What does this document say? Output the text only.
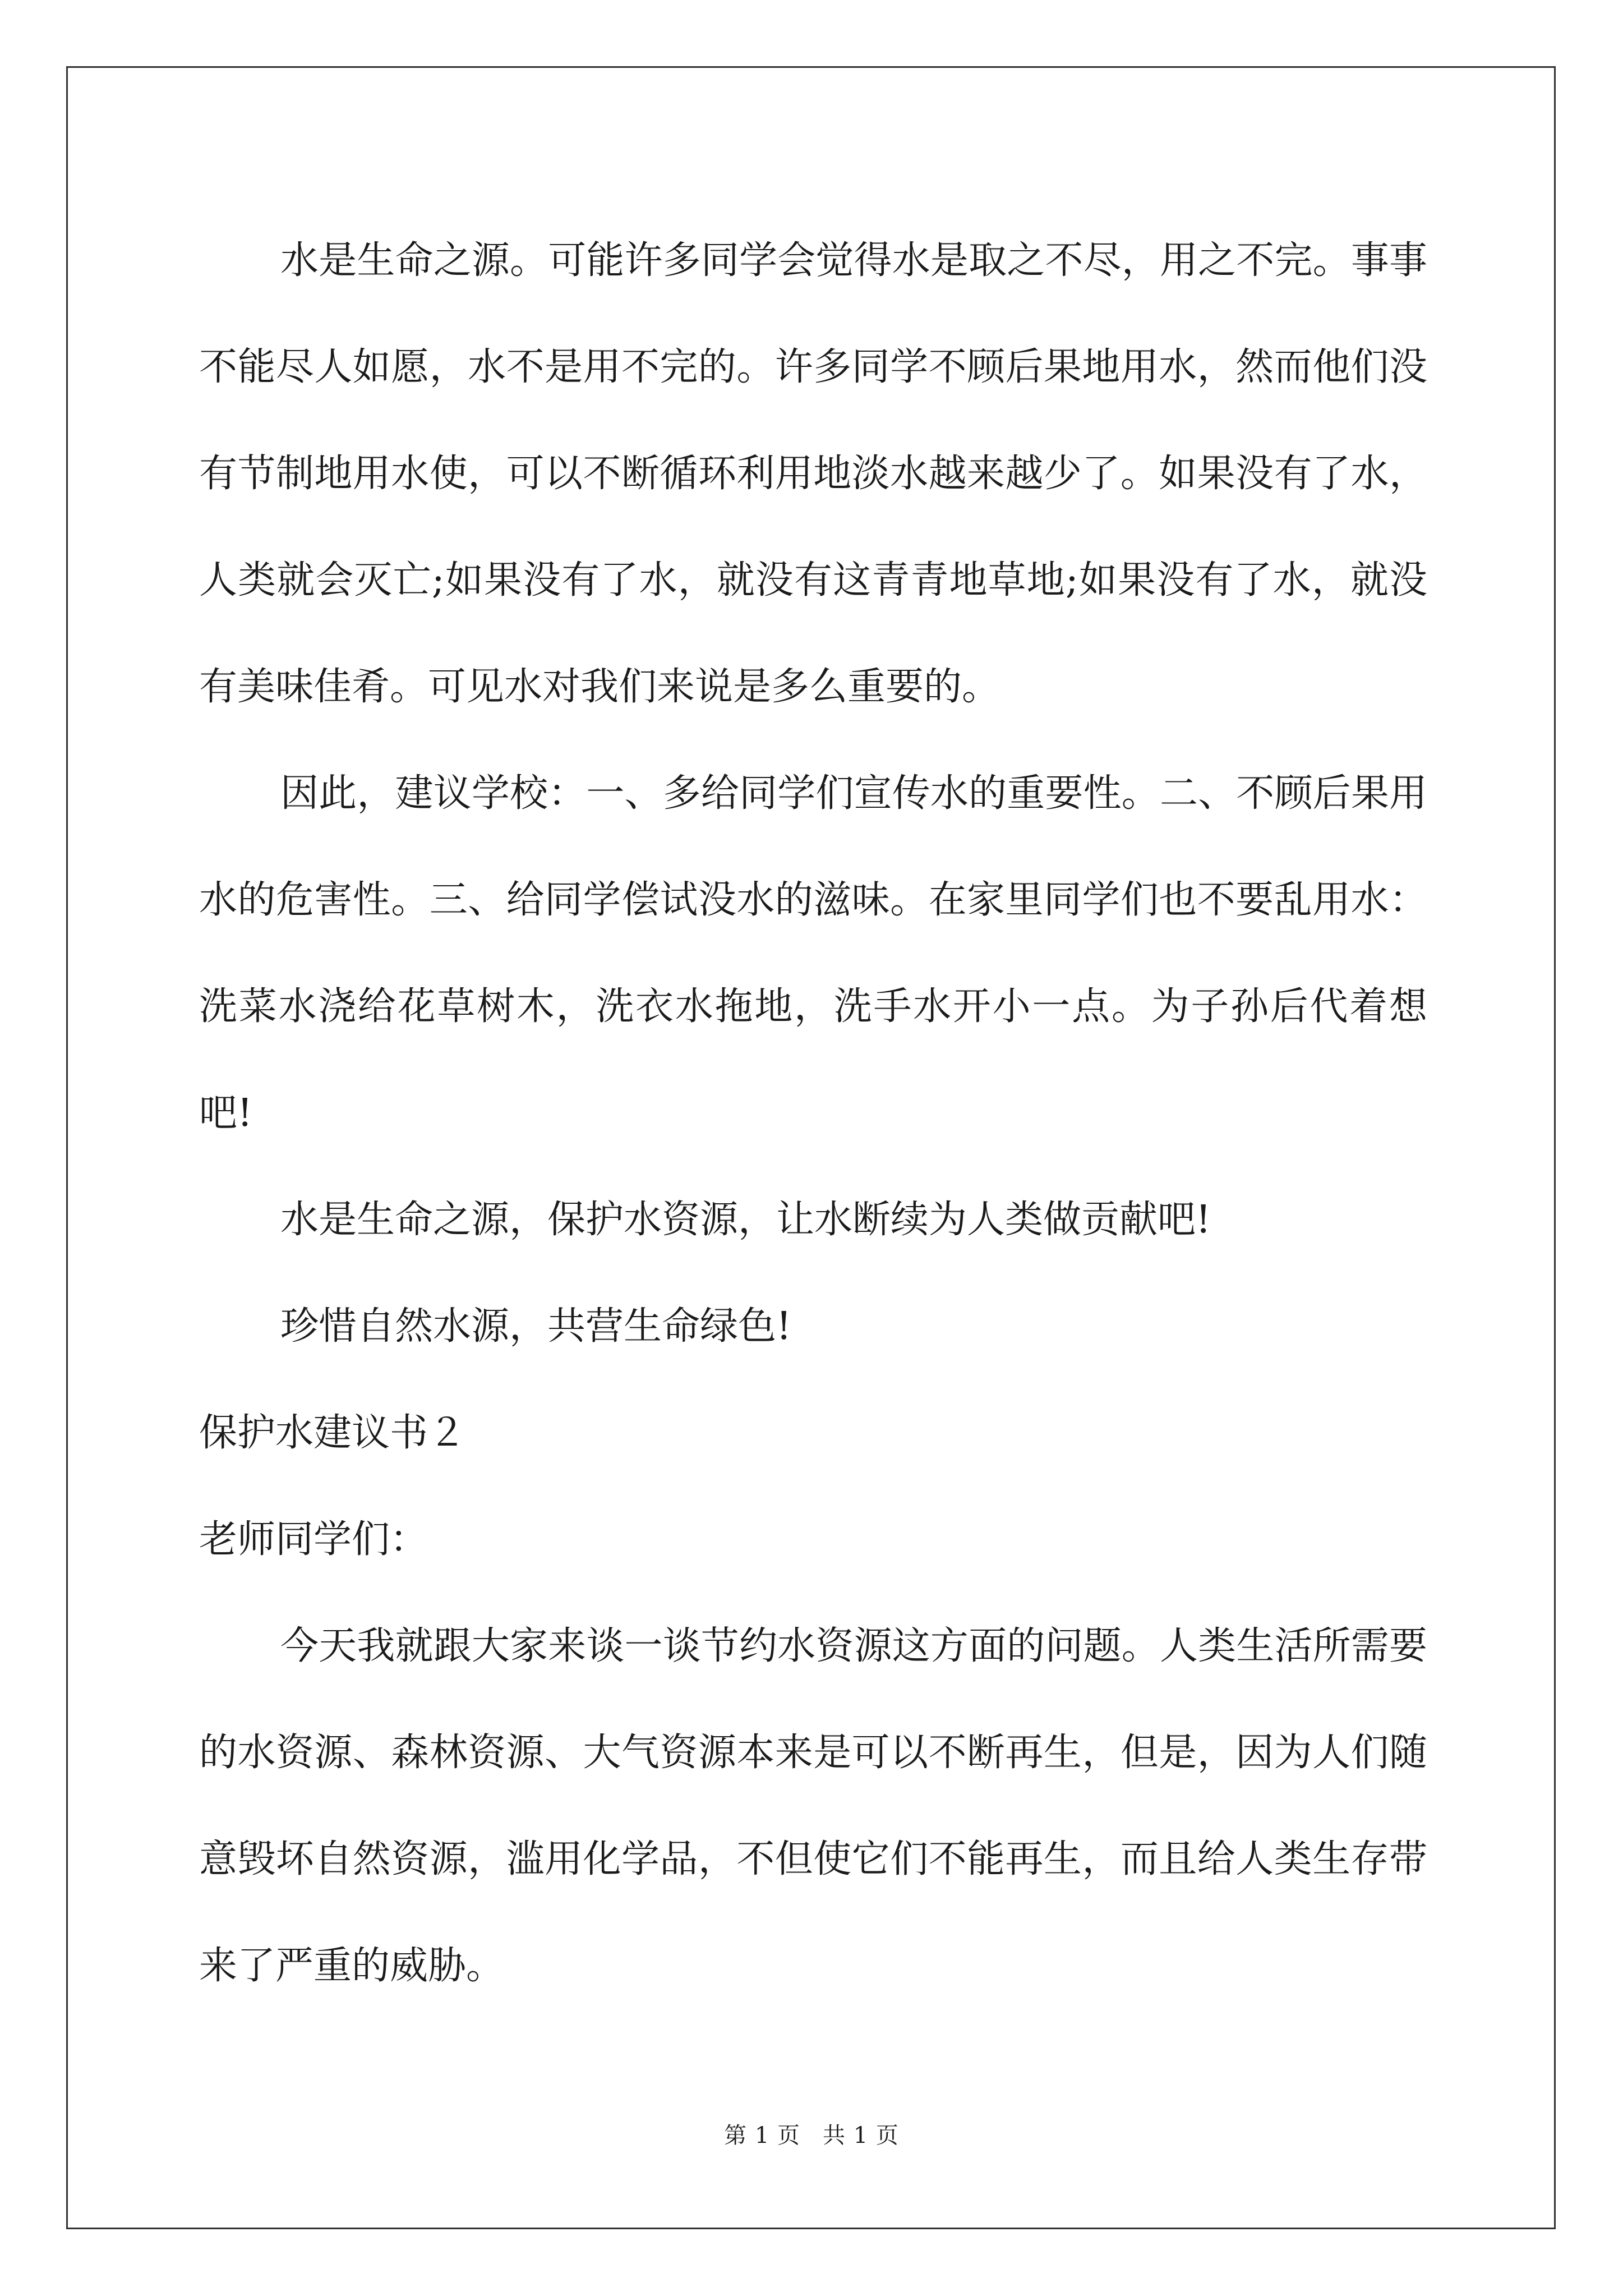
水是生命之源。可能许多同学会觉得水是取之不尽，用之不完。事事不能尽人如愿，水不是用不完的。许多同学不顾后果地用水，然而他们没有节制地用水使，可以不断循环利用地淡水越来越少了。如果没有了水，人类就会灭亡;如果没有了水，就没有这青青地草地;如果没有了水，就没有美味佳肴。可见水对我们来说是多么重要的。

因此，建议学校：一、多给同学们宣传水的重要性。二、不顾后果用水的危害性。三、给同学偿试没水的滋味。在家里同学们也不要乱用水：洗菜水浇给花草树木，洗衣水拖地，洗手水开小一点。为子孙后代着想吧!

水是生命之源，保护水资源，让水断续为人类做贡献吧!

珍惜自然水源，共营生命绿色!

保护水建议书２

老师同学们：

今天我就跟大家来谈一谈节约水资源这方面的问题。人类生活所需要的水资源、森林资源、大气资源本来是可以不断再生，但是，因为人们随意毁坏自然资源，滥用化学品，不但使它们不能再生，而且给人类生存带来了严重的威胁。

第 1 页 共 1 页
